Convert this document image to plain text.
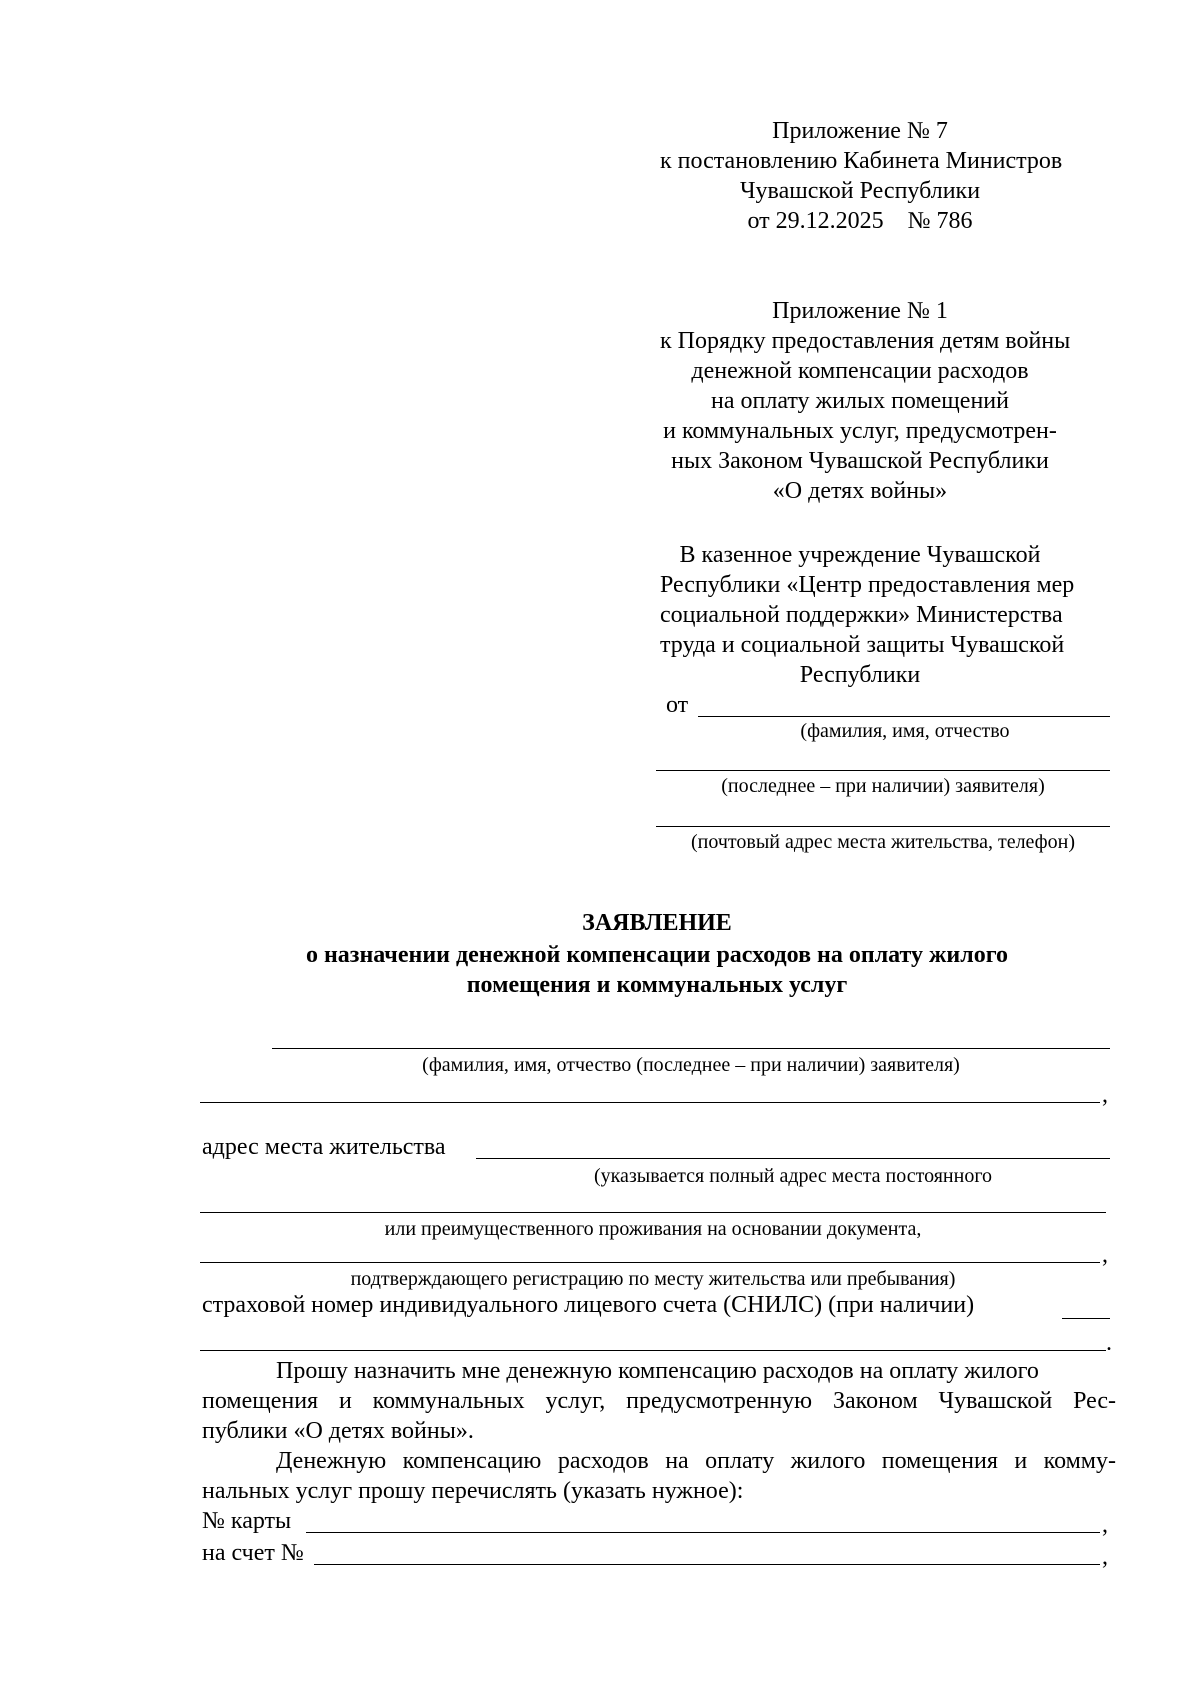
Приложение № 7
к постановлению Кабинета Министров
Чувашской Республики
от 29.12.2025    № 786
Приложение № 1
к Порядку предоставления детям войны
денежной компенсации расходов
на оплату жилых помещений
и коммунальных услуг, предусмотрен-
ных Законом Чувашской Республики
«О детях войны»
В казенное учреждение Чувашской
Республики «Центр предоставления мер
социальной поддержки» Министерства
труда и социальной защиты Чувашской
Республики
от
(фамилия, имя, отчество
(последнее – при наличии) заявителя)
(почтовый адрес места жительства, телефон)
ЗАЯВЛЕНИЕ
о назначении денежной компенсации расходов на оплату жилого
помещения и коммунальных услуг
(фамилия, имя, отчество (последнее – при наличии) заявителя)
,
адрес места жительства
(указывается полный адрес места постоянного
или преимущественного проживания на основании документа,
,
подтверждающего регистрацию по месту жительства или пребывания)
страховой номер индивидуального лицевого счета (СНИЛС) (при наличии)
.
Прошу назначить мне денежную компенсацию расходов на оплату жилого
помещения и коммунальных услуг, предусмотренную Законом Чувашской Рес-
публики «О детях войны».
Денежную компенсацию расходов на оплату жилого помещения и комму-
нальных услуг прошу перечислять (указать нужное):
№ карты	,
на счет №	,
